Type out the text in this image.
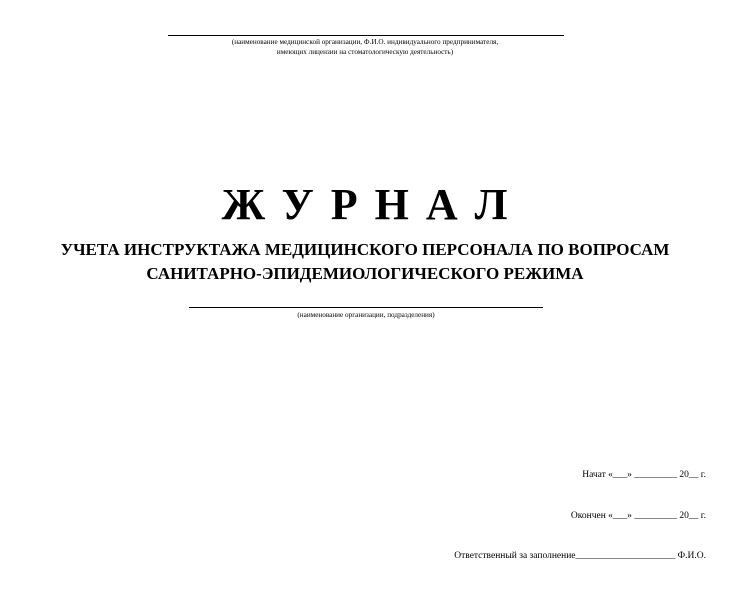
(наименование медицинской организации, Ф.И.О. индивидуального предпринимателя,
имеющих лицензии на стоматологическую деятельность)
ЖУРНАЛ
УЧЕТА ИНСТРУКТАЖА МЕДИЦИНСКОГО ПЕРСОНАЛА ПО ВОПРОСАМ
САНИТАРНО-ЭПИДЕМИОЛОГИЧЕСКОГО РЕЖИМА
(наименование организации, подразделения)

Начат «___» _________ 20__ г.

Окончен «___» _________ 20__ г.

Ответственный за заполнение_____________________ Ф.И.О.
